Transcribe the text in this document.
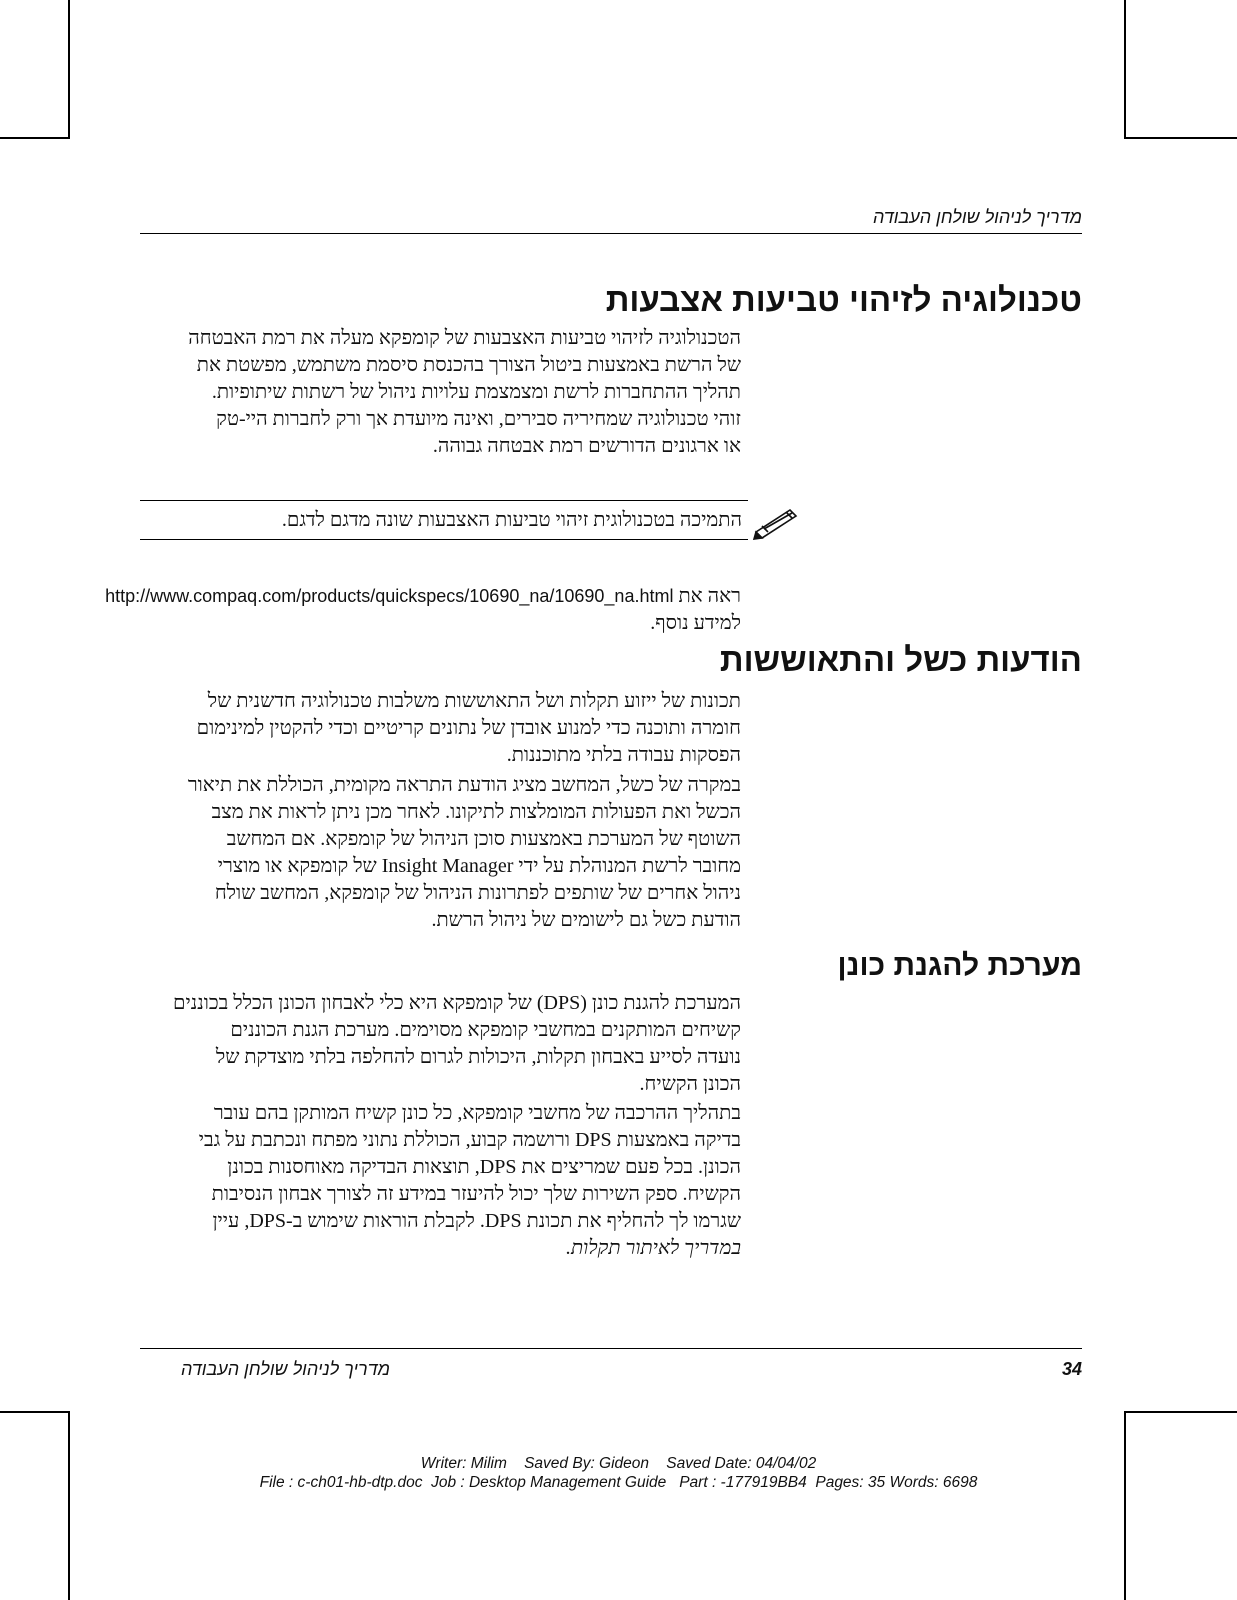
מדריך לניהול שולחן העבודה
טכנולוגיה לזיהוי טביעות אצבעות

הטכנולוגיה לזיהוי טביעות האצבעות של קומפקא מעלה את רמת האבטחה

של הרשת באמצעות ביטול הצורך בהכנסת סיסמת משתמש, מפשטת את

תהליך ההתחברות לרשת ומצמצמת עלויות ניהול של רשתות שיתופיות.

זוהי טכנולוגיה שמחיריה סבירים, ואינה מיועדת אך ורק לחברות היי-טק

או ארגונים הדורשים רמת אבטחה גבוהה.

התמיכה בטכנולוגית זיהוי טביעות האצבעות שונה מדגם לדגם.
ראה את http://www.compaq.com/products/quickspecs/10690_na/10690_na.html
למידע נוסף.
הודעות כשל והתאוששות

תכונות של ייזוע תקלות ושל התאוששות משלבות טכנולוגיה חדשנית של

חומרה ותוכנה כדי למנוע אובדן של נתונים קריטיים וכדי להקטין למינימום

הפסקות עבודה בלתי מתוכננות.

במקרה של כשל, המחשב מציג הודעת התראה מקומית, הכוללת את תיאור

הכשל ואת הפעולות המומלצות לתיקונו. לאחר מכן ניתן לראות את מצב

השוטף של המערכת באמצעות סוכן הניהול של קומפקא. אם המחשב

מחובר לרשת המנוהלת על ידי Insight Manager של קומפקא או מוצרי

ניהול אחרים של שותפים לפתרונות הניהול של קומפקא, המחשב שולח

הודעת כשל גם לישומים של ניהול הרשת.

מערכת להגנת כונן

המערכת להגנת כונן (DPS) של קומפקא היא כלי לאבחון הכונן הכלל בכוננים

קשיחים המותקנים במחשבי קומפקא מסוימים. מערכת הגנת הכוננים

נועדה לסייע באבחון תקלות, היכולות לגרום להחלפה בלתי מוצדקת של

הכונן הקשיח.

בתהליך ההרכבה של מחשבי קומפקא, כל כונן קשיח המותקן בהם עובר

בדיקה באמצעות DPS ורושמה קבוע, הכוללת נתוני מפתח ונכתבת על גבי

הכונן. בכל פעם שמריצים את DPS, תוצאות הבדיקה מאוחסנות בכונן

הקשיח. ספק השירות שלך יכול להיעזר במידע זה לצורך אבחון הנסיבות

שגרמו לך להחליף את תכונת DPS. לקבלת הוראות שימוש ב-DPS, עיין

במדריך לאיתור תקלות.

מדריך לניהול שולחן העבודה	34
Writer: Milim    Saved By: Gideon    Saved Date: 04/04/02
File : c-ch01-hb-dtp.doc  Job : Desktop Management Guide   Part : -177919BB4  Pages: 35 Words: 6698
